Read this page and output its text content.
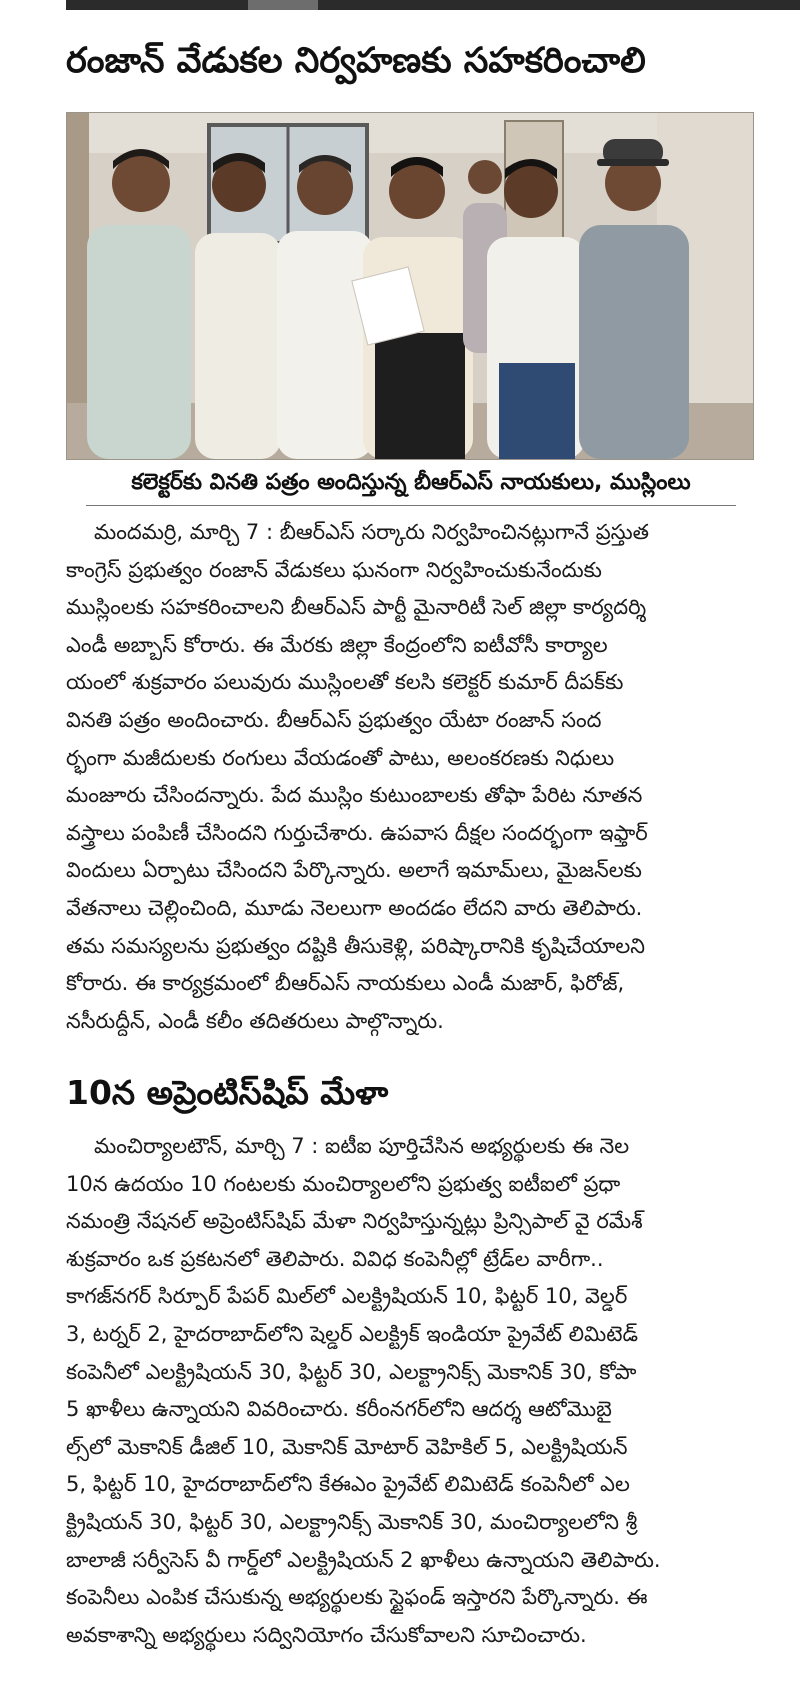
రంజాన్ వేడుకల నిర్వహణకు సహకరించాలి
కలెక్టర్‌కు వినతి పత్రం అందిస్తున్న బీఆర్ఎస్ నాయకులు, ముస్లింలు
మందమర్రి, మార్చి 7 : బీఆర్ఎస్ సర్కారు నిర్వహించినట్లుగానే ప్రస్తుత
కాంగ్రెస్ ప్రభుత్వం రంజాన్ వేడుకలు ఘనంగా నిర్వహించుకునేందుకు
ముస్లింలకు సహకరించాలని బీఆర్ఎస్ పార్టీ మైనారిటీ సెల్ జిల్లా కార్యదర్శి
ఎండీ అబ్బాస్ కోరారు. ఈ మేరకు జిల్లా కేంద్రంలోని ఐటీవోసీ కార్యాల
యంలో శుక్రవారం పలువురు ముస్లింలతో కలసి కలెక్టర్ కుమార్ దీపక్‌కు
వినతి పత్రం అందించారు. బీఆర్ఎస్ ప్రభుత్వం యేటా రంజాన్ సంద
ర్భంగా మజీదులకు రంగులు వేయడంతో పాటు, అలంకరణకు నిధులు
మంజూరు చేసిందన్నారు. పేద ముస్లిం కుటుంబాలకు తోఫా పేరిట నూతన
వస్త్రాలు పంపిణీ చేసిందని గుర్తుచేశారు. ఉపవాస దీక్షల సందర్భంగా ఇఫ్తార్
విందులు ఏర్పాటు చేసిందని పేర్కొన్నారు. అలాగే ఇమామ్‌లు, మైజన్‌లకు
వేతనాలు చెల్లించింది, మూడు నెలలుగా అందడం లేదని వారు తెలిపారు.
తమ సమస్యలను ప్రభుత్వం దష్టికి తీసుకెళ్లి, పరిష్కారానికి కృషిచేయాలని
కోరారు. ఈ కార్యక్రమంలో బీఆర్ఎస్ నాయకులు ఎండీ మజార్, ఫిరోజ్,
నసీరుద్దీన్, ఎండీ కలీం తదితరులు పాల్గొన్నారు.
10న అప్రెంటిస్‌షిప్ మేళా
మంచిర్యాలటౌన్, మార్చి 7 : ఐటీఐ పూర్తిచేసిన అభ్యర్థులకు ఈ నెల
10న ఉదయం 10 గంటలకు మంచిర్యాలలోని ప్రభుత్వ ఐటీఐలో ప్రధా
నమంత్రి నేషనల్ అప్రెంటిస్‌షిప్ మేళా నిర్వహిస్తున్నట్లు ప్రిన్సిపాల్ వై రమేశ్
శుక్రవారం ఒక ప్రకటనలో తెలిపారు. వివిధ కంపెనీల్లో ట్రేడ్‌ల వారీగా..
కాగజ్‌నగర్ సిర్పూర్ పేపర్ మిల్‌లో ఎలక్ట్రిషియన్ 10, ఫిట్టర్ 10, వెల్డర్
3, టర్నర్ 2, హైదరాబాద్‌లోని షెల్డర్ ఎలక్ట్రిక్ ఇండియా ప్రైవేట్ లిమిటెడ్
కంపెనీలో ఎలక్ట్రిషియన్ 30, ఫిట్టర్ 30, ఎలక్ట్రానిక్స్ మెకానిక్ 30, కోపా
5 ఖాళీలు ఉన్నాయని వివరించారు. కరీంనగర్‌లోని ఆదర్శ ఆటోమొబై
ల్స్‌లో మెకానిక్ డీజిల్ 10, మెకానిక్ మోటార్ వెహికిల్ 5, ఎలక్ట్రిషియన్
5, ఫిట్టర్ 10, హైదరాబాద్‌లోని కేఈఎం ప్రైవేట్ లిమిటెడ్ కంపెనీలో ఎల
క్ట్రిషియన్ 30, ఫిట్టర్ 30, ఎలక్ట్రానిక్స్ మెకానిక్ 30, మంచిర్యాలలోని శ్రీ
బాలాజీ సర్వీసెస్ వీ గార్డ్‌లో ఎలక్ట్రిషియన్ 2 ఖాళీలు ఉన్నాయని తెలిపారు.
కంపెనీలు ఎంపిక చేసుకున్న అభ్యర్థులకు స్టైఫండ్ ఇస్తారని పేర్కొన్నారు. ఈ
అవకాశాన్ని అభ్యర్థులు సద్వినియోగం చేసుకోవాలని సూచించారు.
